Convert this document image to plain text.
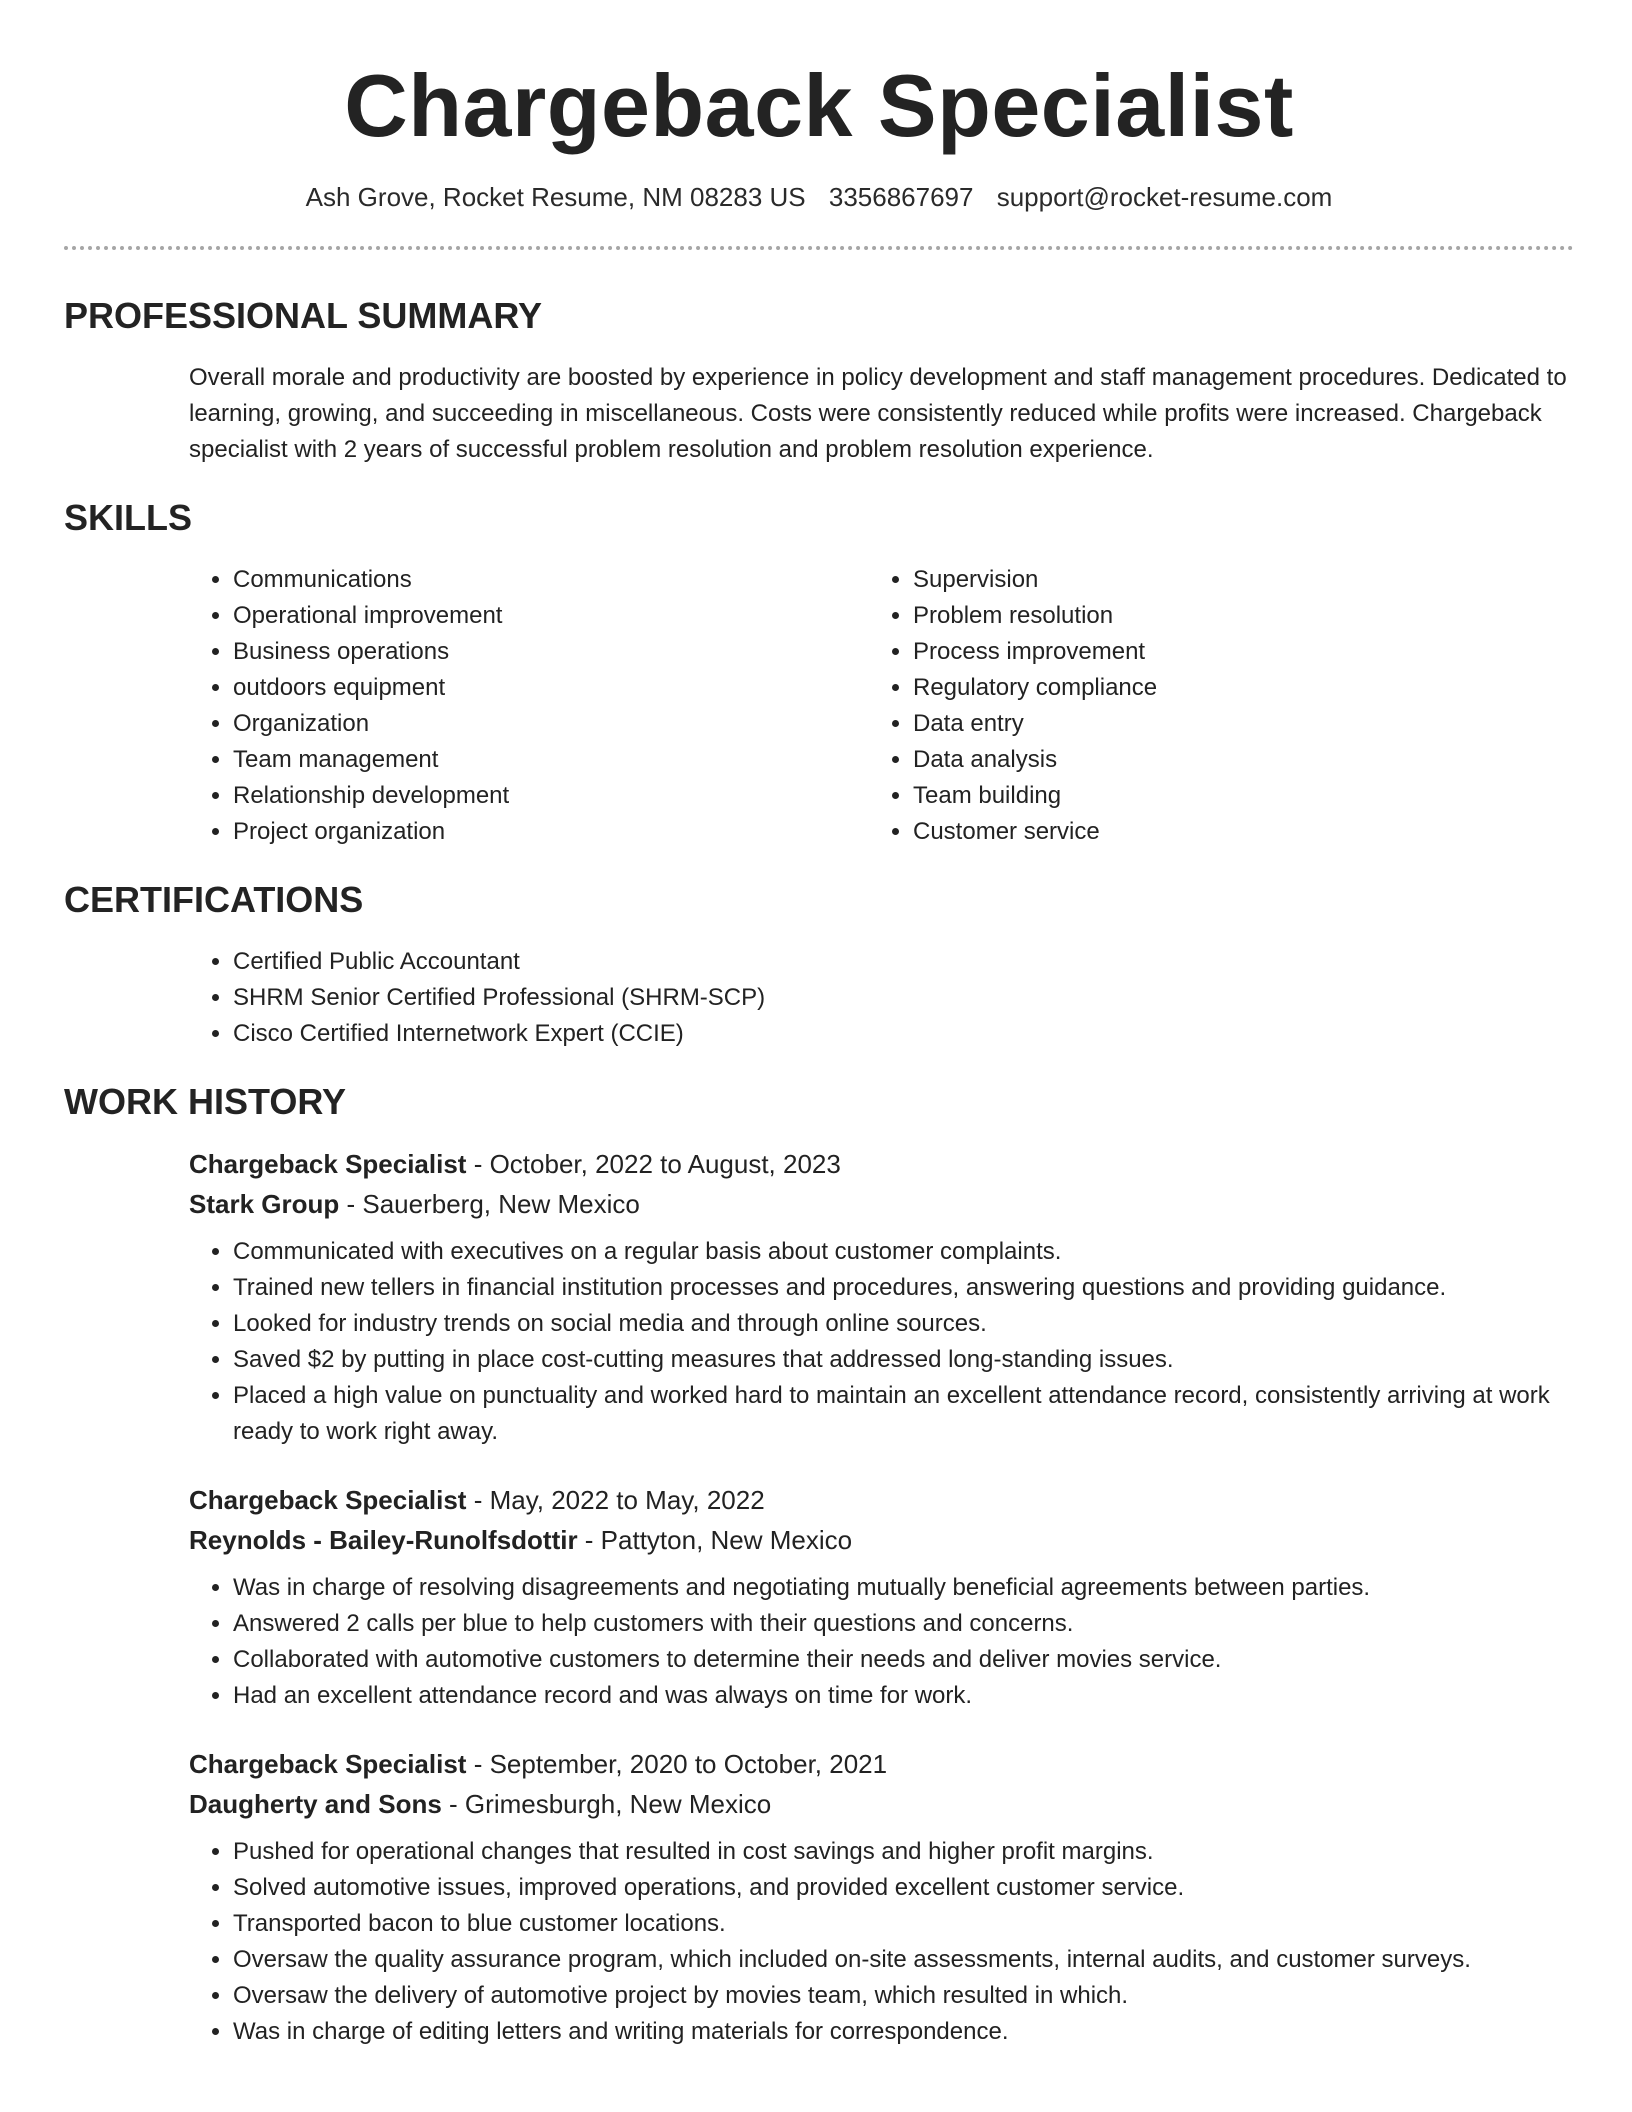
Chargeback Specialist
Ash Grove, Rocket Resume, NM 08283 US 3356867697 support@rocket-resume.com
PROFESSIONAL SUMMARY

Overall morale and productivity are boosted by experience in policy development and staff management procedures. Dedicated to learning, growing, and succeeding in miscellaneous. Costs were consistently reduced while profits were increased. Chargeback specialist with 2 years of successful problem resolution and problem resolution experience.

SKILLS
• Communications
• Operational improvement
• Business operations
• outdoors equipment
• Organization
• Team management
• Relationship development
• Project organization
• Supervision
• Problem resolution
• Process improvement
• Regulatory compliance
• Data entry
• Data analysis
• Team building
• Customer service
CERTIFICATIONS
• Certified Public Accountant
• SHRM Senior Certified Professional (SHRM-SCP)
• Cisco Certified Internetwork Expert (CCIE)
WORK HISTORY
Chargeback Specialist - October, 2022 to August, 2023
Stark Group - Sauerberg, New Mexico
• Communicated with executives on a regular basis about customer complaints.
• Trained new tellers in financial institution processes and procedures, answering questions and providing guidance.
• Looked for industry trends on social media and through online sources.
• Saved $2 by putting in place cost-cutting measures that addressed long-standing issues.
• Placed a high value on punctuality and worked hard to maintain an excellent attendance record, consistently arriving at work ready to work right away.
Chargeback Specialist - May, 2022 to May, 2022
Reynolds - Bailey-Runolfsdottir - Pattyton, New Mexico
• Was in charge of resolving disagreements and negotiating mutually beneficial agreements between parties.
• Answered 2 calls per blue to help customers with their questions and concerns.
• Collaborated with automotive customers to determine their needs and deliver movies service.
• Had an excellent attendance record and was always on time for work.
Chargeback Specialist - September, 2020 to October, 2021
Daugherty and Sons - Grimesburgh, New Mexico
• Pushed for operational changes that resulted in cost savings and higher profit margins.
• Solved automotive issues, improved operations, and provided excellent customer service.
• Transported bacon to blue customer locations.
• Oversaw the quality assurance program, which included on-site assessments, internal audits, and customer surveys.
• Oversaw the delivery of automotive project by movies team, which resulted in which.
• Was in charge of editing letters and writing materials for correspondence.
